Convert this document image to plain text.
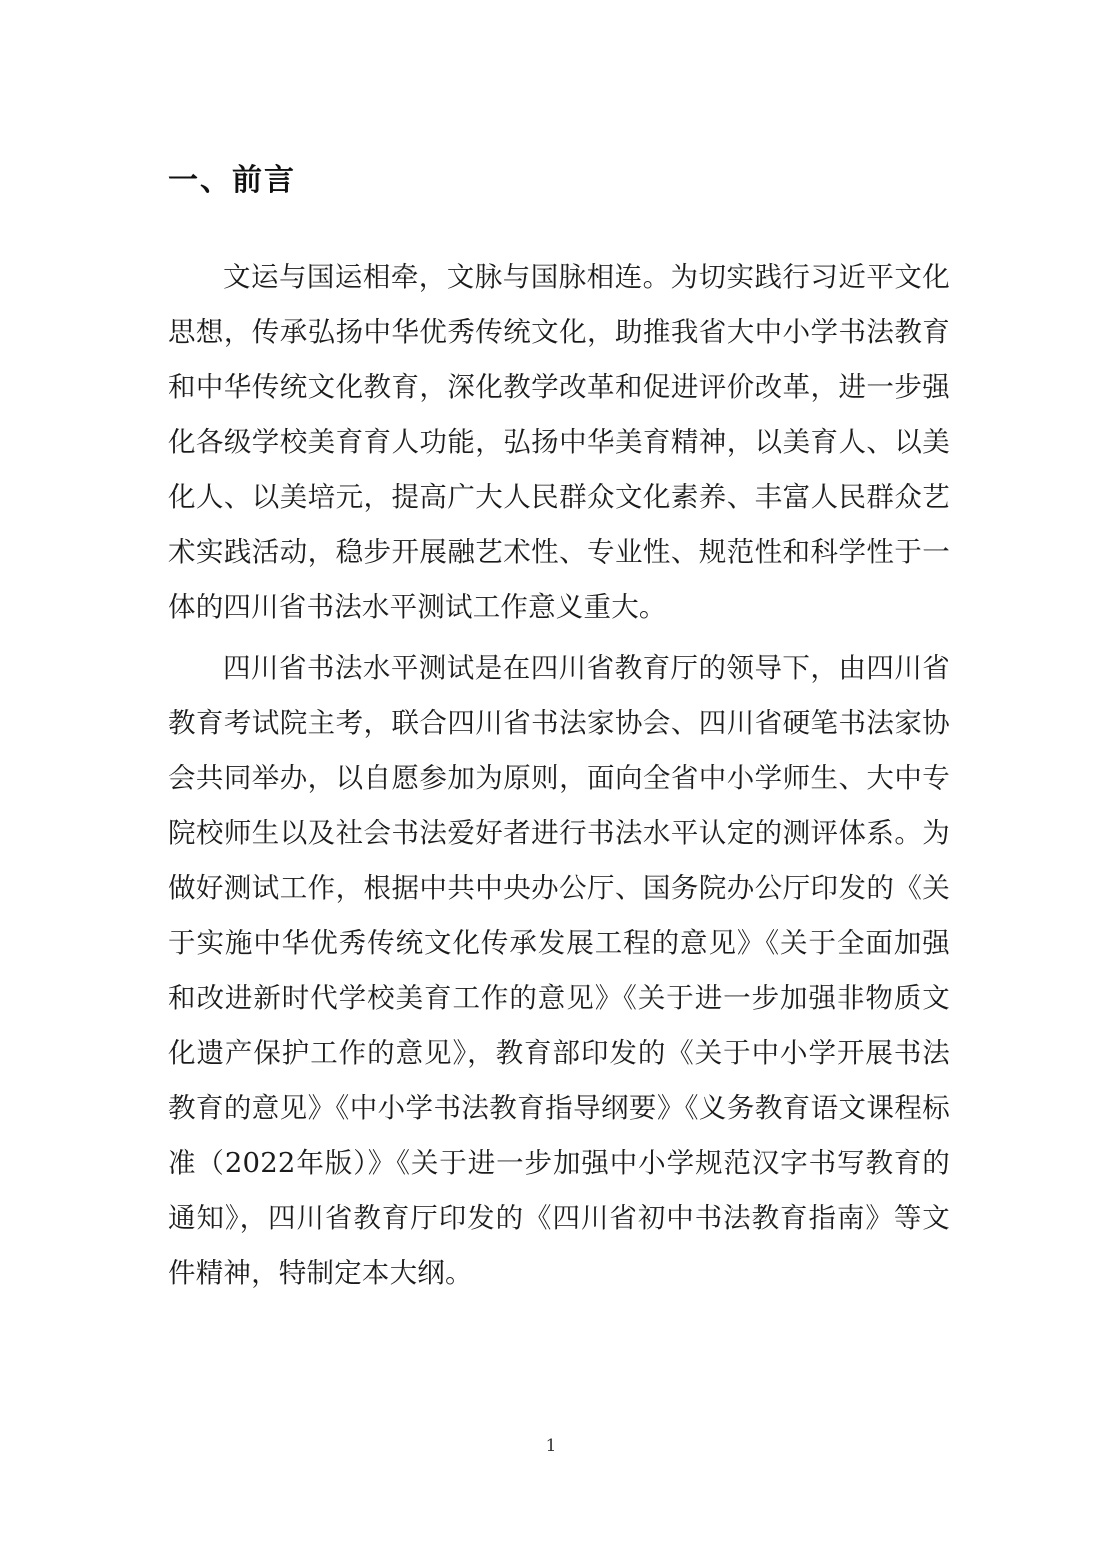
一、前言

文运与国运相牵，文脉与国脉相连。为切实践行习近平文化思想，传承弘扬中华优秀传统文化，助推我省大中小学书法教育和中华传统文化教育，深化教学改革和促进评价改革，进一步强化各级学校美育育人功能，弘扬中华美育精神，以美育人、以美化人、以美培元，提高广大人民群众文化素养、丰富人民群众艺术实践活动，稳步开展融艺术性、专业性、规范性和科学性于一体的四川省书法水平测试工作意义重大。

四川省书法水平测试是在四川省教育厅的领导下，由四川省教育考试院主考，联合四川省书法家协会、四川省硬笔书法家协会共同举办，以自愿参加为原则，面向全省中小学师生、大中专院校师生以及社会书法爱好者进行书法水平认定的测评体系。为做好测试工作，根据中共中央办公厅、国务院办公厅印发的《关于实施中华优秀传统文化传承发展工程的意见》《关于全面加强和改进新时代学校美育工作的意见》《关于进一步加强非物质文化遗产保护工作的意见》，教育部印发的《关于中小学开展书法教育的意见》《中小学书法教育指导纲要》《义务教育语文课程标准（2022年版）》《关于进一步加强中小学规范汉字书写教育的通知》，四川省教育厅印发的《四川省初中书法教育指南》等文件精神，特制定本大纲。

1
